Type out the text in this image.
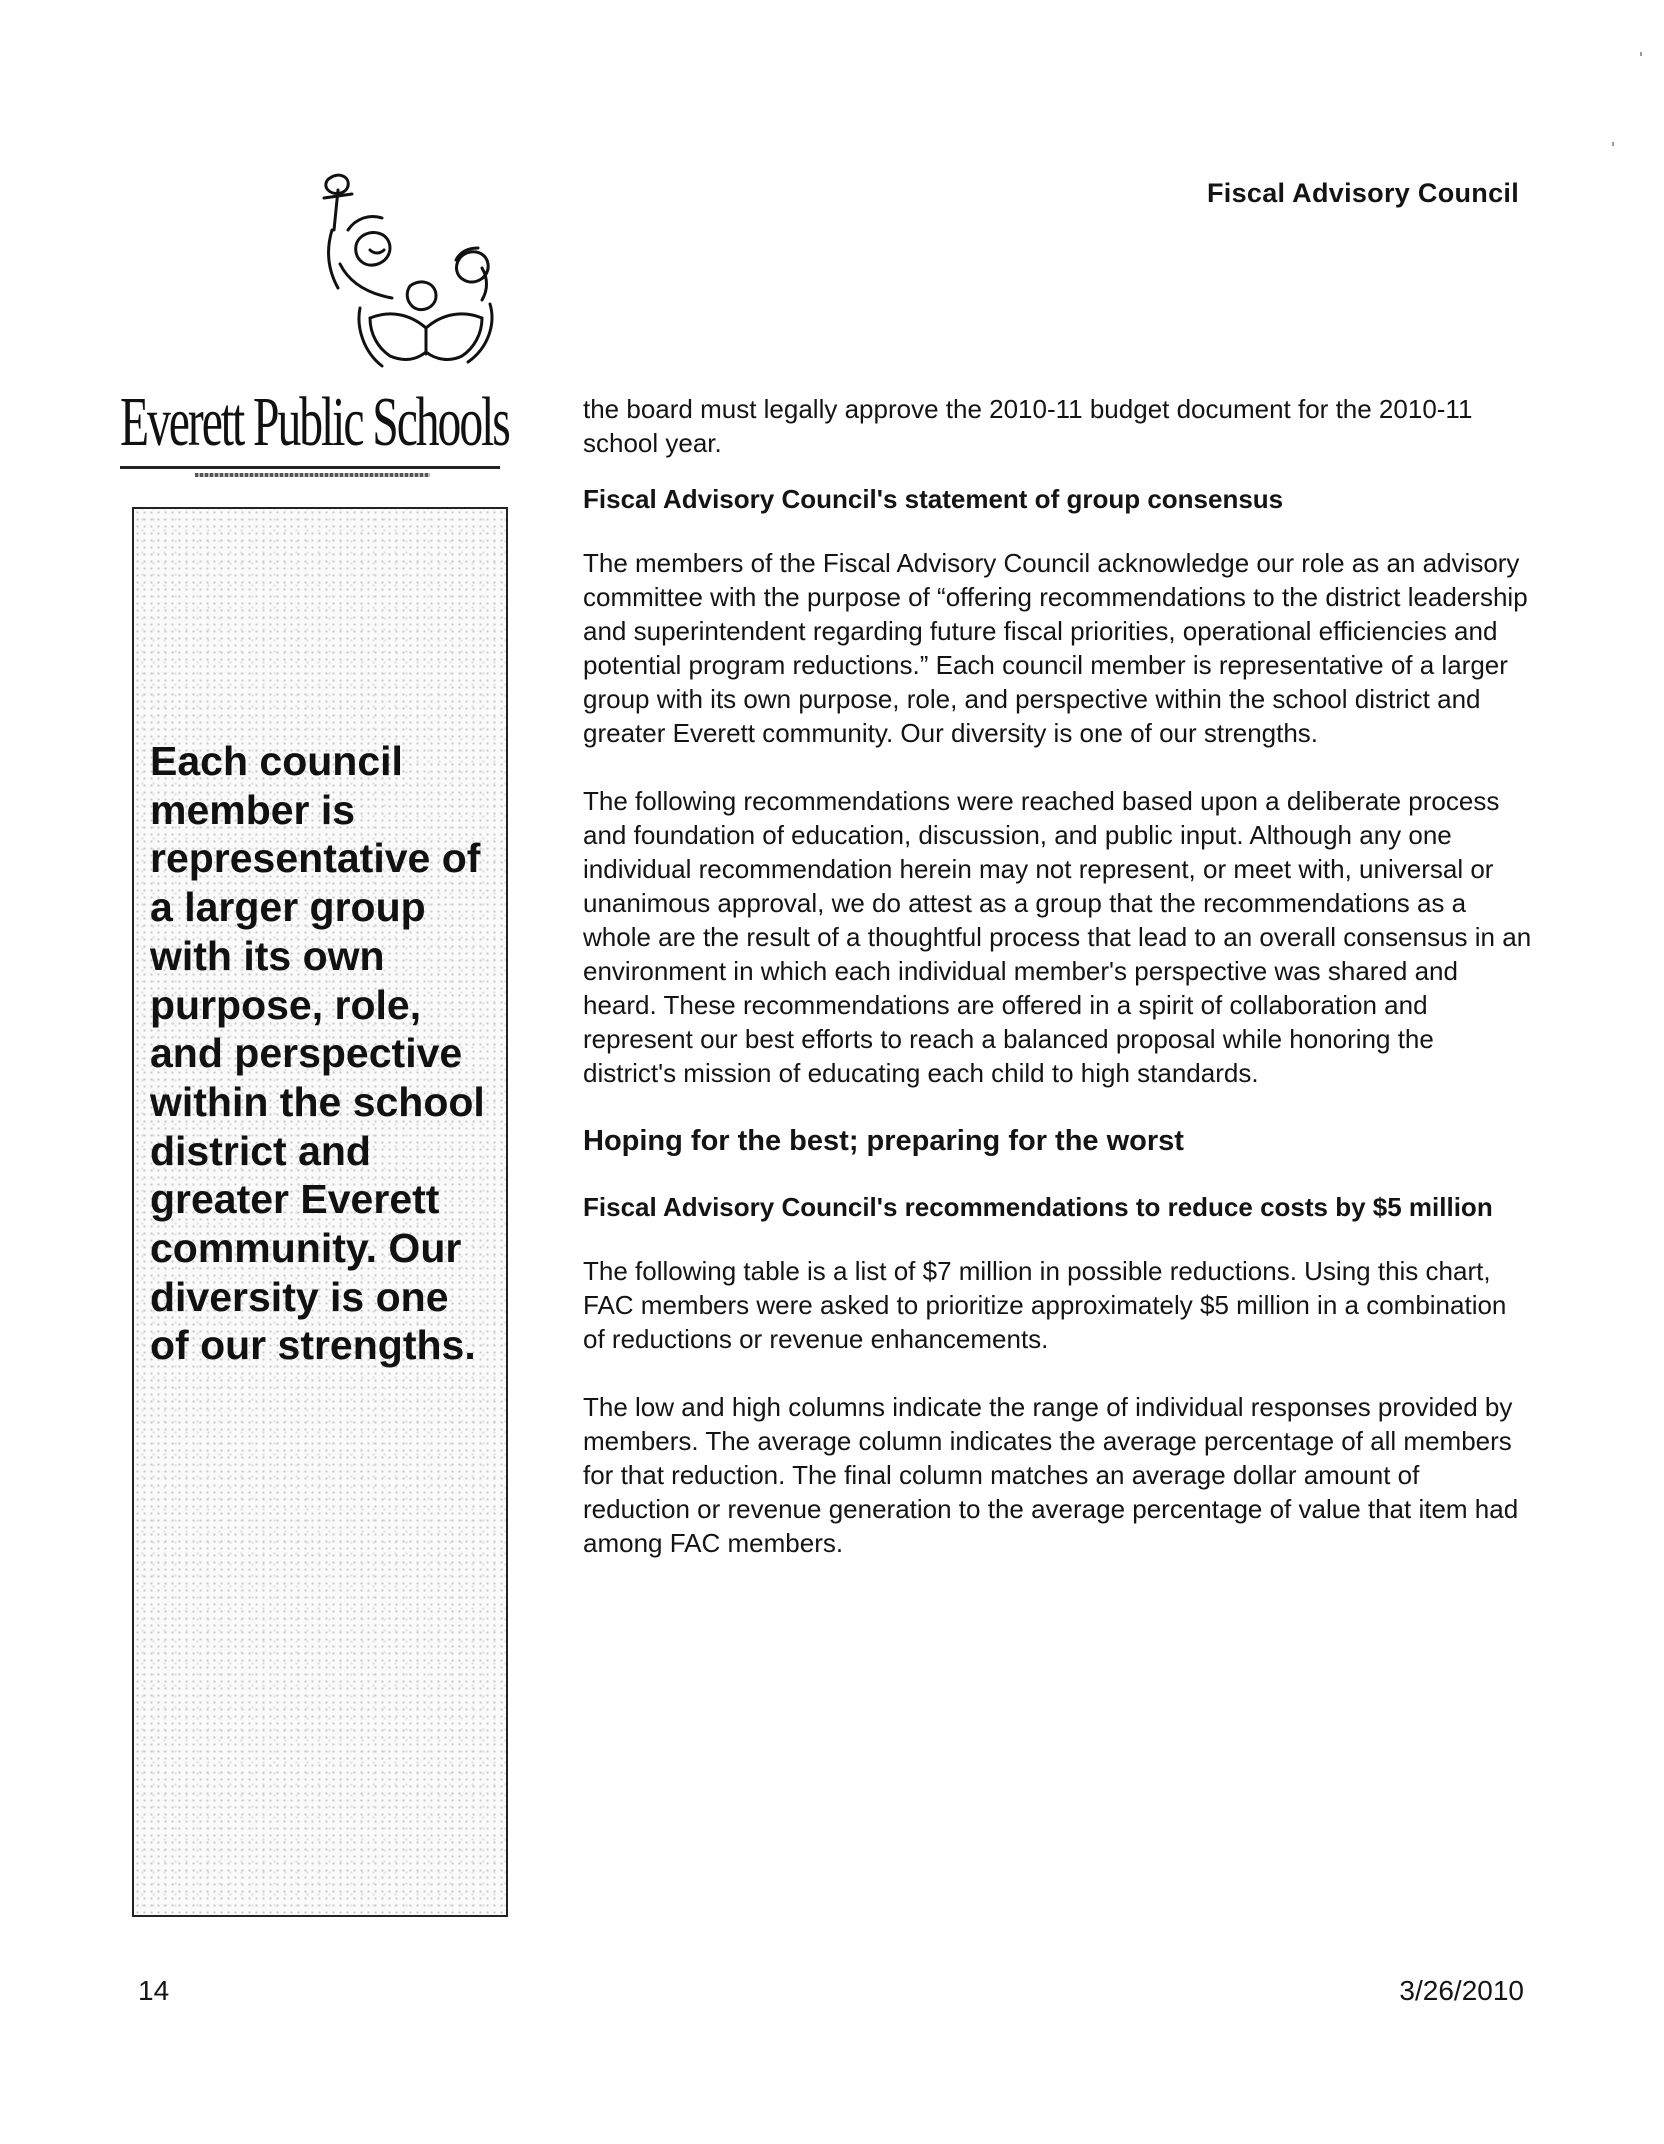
Fiscal Advisory Council
Everett Public Schools
Each council member is representative of a larger group with its own purpose, role, and perspective within the school district and greater Everett community. Our diversity is one of our strengths.

the board must legally approve the 2010-11 budget document for the 2010-11 school year.

Fiscal Advisory Council's statement of group consensus

The members of the Fiscal Advisory Council acknowledge our role as an advisory committee with the purpose of “offering recommendations to the district leadership and superintendent regarding future fiscal priorities, operational efficiencies and potential program reductions.” Each council member is representative of a larger group with its own purpose, role, and perspective within the school district and greater Everett community. Our diversity is one of our strengths.

The following recommendations were reached based upon a deliberate process and foundation of education, discussion, and public input. Although any one individual recommendation herein may not represent, or meet with, universal or unanimous approval, we do attest as a group that the recommendations as a whole are the result of a thoughtful process that lead to an overall consensus in an environment in which each individual member's perspective was shared and heard. These recommendations are offered in a spirit of collaboration and represent our best efforts to reach a balanced proposal while honoring the district's mission of educating each child to high standards.

Hoping for the best; preparing for the worst

Fiscal Advisory Council's recommendations to reduce costs by $5 million

The following table is a list of $7 million in possible reductions. Using this chart, FAC members were asked to prioritize approximately $5 million in a combination of reductions or revenue enhancements.

The low and high columns indicate the range of individual responses provided by members. The average column indicates the average percentage of all members for that reduction. The final column matches an average dollar amount of reduction or revenue generation to the average percentage of value that item had among FAC members.

14	3/26/2010
